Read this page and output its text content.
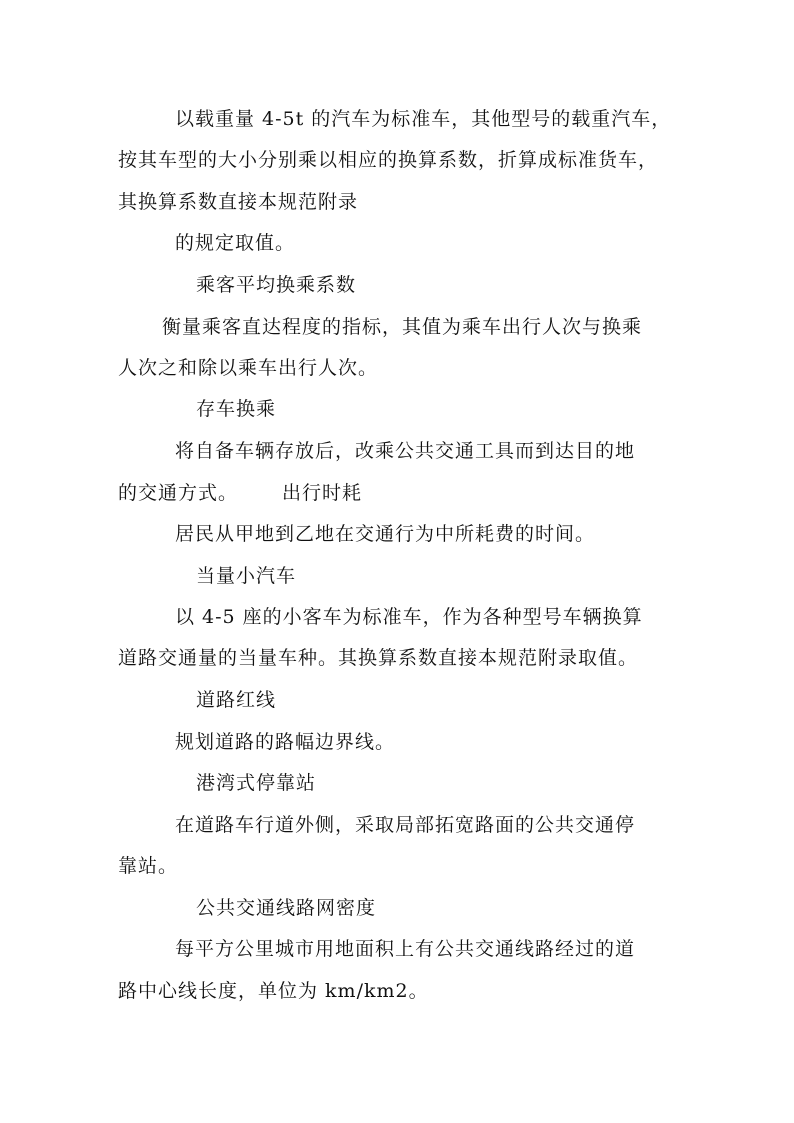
以载重量 4-5t 的汽车为标准车，其他型号的载重汽车，
按其车型的大小分别乘以相应的换算系数，折算成标准货车，
其换算系数直接本规范附录
的规定取值。
乘客平均换乘系数
衡量乘客直达程度的指标，其值为乘车出行人次与换乘
人次之和除以乘车出行人次。
存车换乘
将自备车辆存放后，改乘公共交通工具而到达目的地
的交通方式。 出行时耗
居民从甲地到乙地在交通行为中所耗费的时间。
当量小汽车
以 4-5 座的小客车为标准车，作为各种型号车辆换算
道路交通量的当量车种。其换算系数直接本规范附录取值。
道路红线
规划道路的路幅边界线。
港湾式停靠站
在道路车行道外侧，采取局部拓宽路面的公共交通停
靠站。
公共交通线路网密度
每平方公里城市用地面积上有公共交通线路经过的道
路中心线长度，单位为 km/km2。
